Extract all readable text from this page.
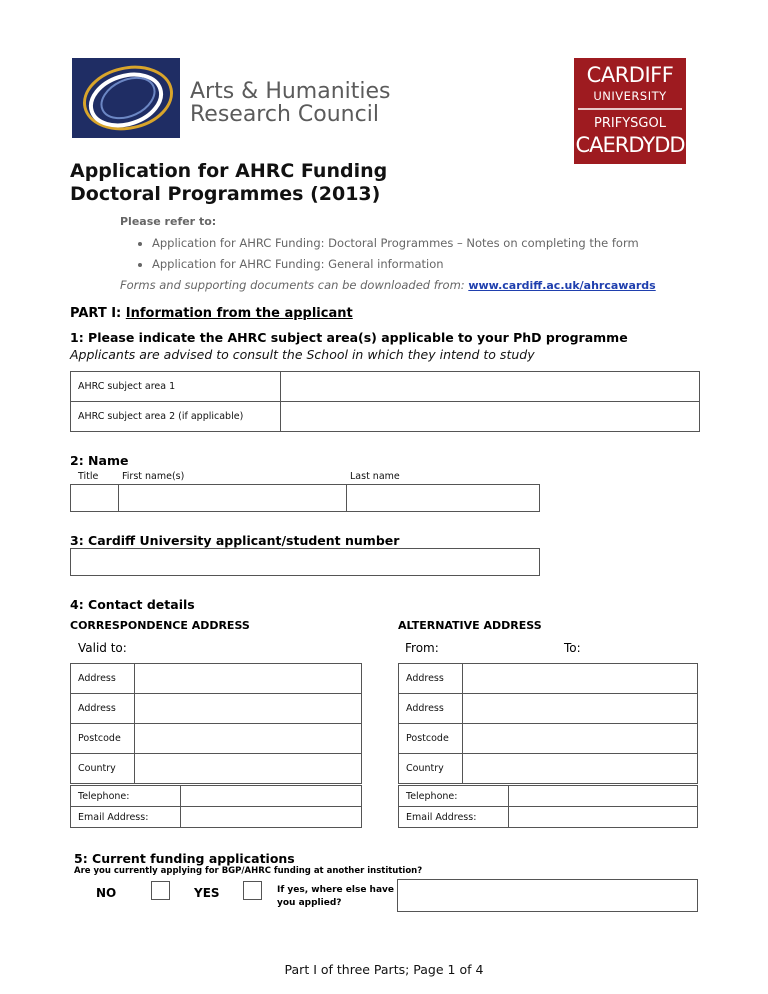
Arts & Humanities
Research Council
CARDIFF
UNIVERSITY
PRIFYSGOL
CAERDYDD
Application for AHRC Funding
Doctoral Programmes (2013)
Please refer to:
Application for AHRC Funding: Doctoral Programmes – Notes on completing the form
Application for AHRC Funding: General information
Forms and supporting documents can be downloaded from: www.cardiff.ac.uk/ahrcawards
PART I: Information from the applicant
1: Please indicate the AHRC subject area(s) applicable to your PhD programme
Applicants are advised to consult the School in which they intend to study
AHRC subject area 1	
AHRC subject area 2 (if applicable)	
2: Name
Title First name(s)	Last name

3: Cardiff University applicant/student number
4: Contact details
CORRESPONDENCE ADDRESS	ALTERNATIVE ADDRESS
Valid to:	From:	To:
Address	
Address	
Postcode	
Country	
Telephone:	
Email Address:	
Address	
Address	
Postcode	
Country	
Telephone:	
Email Address:	
5: Current funding applications
Are you currently applying for BGP/AHRC funding at another institution?
NO	YES	If yes, where else have
you applied?
Part I of three Parts; Page 1 of 4
